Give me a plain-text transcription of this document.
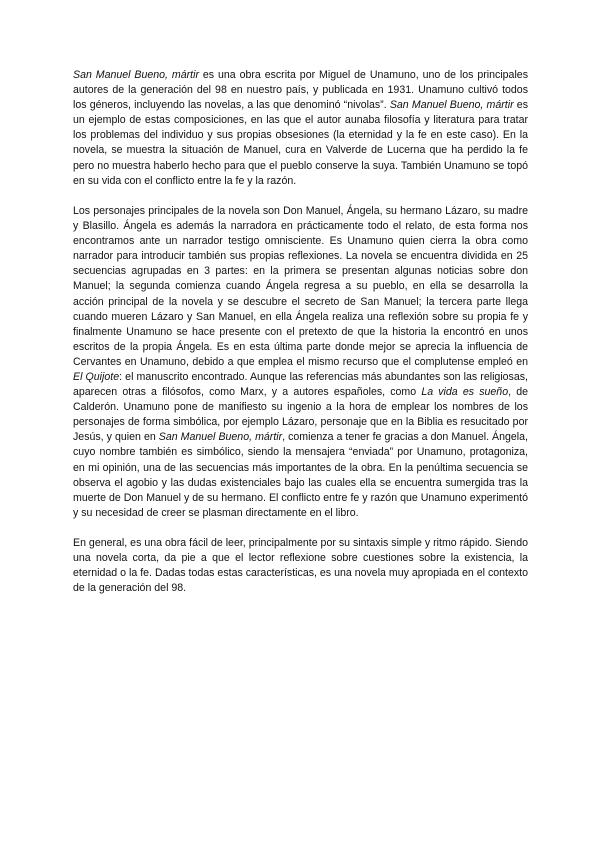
San Manuel Bueno, mártir es una obra escrita por Miguel de Unamuno, uno de los principales autores de la generación del 98 en nuestro país, y publicada en 1931. Unamuno cultivó todos los géneros, incluyendo las novelas, a las que denominó “nivolas”. San Manuel Bueno, mártir es un ejemplo de estas composiciones, en las que el autor aunaba filosofía y literatura para tratar los problemas del individuo y sus propias obsesiones (la eternidad y la fe en este caso). En la novela, se muestra la situación de Manuel, cura en Valverde de Lucerna que ha perdido la fe pero no muestra haberlo hecho para que el pueblo conserve la suya. También Unamuno se topó en su vida con el conflicto entre la fe y la razón.

Los personajes principales de la novela son Don Manuel, Ángela, su hermano Lázaro, su madre y Blasillo. Ángela es además la narradora en prácticamente todo el relato, de esta forma nos encontramos ante un narrador testigo omnisciente. Es Unamuno quien cierra la obra como narrador para introducir también sus propias reflexiones. La novela se encuentra dividida en 25 secuencias agrupadas en 3 partes: en la primera se presentan algunas noticias sobre don Manuel; la segunda comienza cuando Ángela regresa a su pueblo, en ella se desarrolla la acción principal de la novela y se descubre el secreto de San Manuel; la tercera parte llega cuando mueren Lázaro y San Manuel, en ella Ángela realiza una reflexión sobre su propia fe y finalmente Unamuno se hace presente con el pretexto de que la historia la encontró en unos escritos de la propia Ángela. Es en esta última parte donde mejor se aprecia la influencia de Cervantes en Unamuno, debido a que emplea el mismo recurso que el complutense empleó en El Quijote: el manuscrito encontrado. Aunque las referencias más abundantes son las religiosas, aparecen otras a filósofos, como Marx, y a autores españoles, como La vida es sueño, de Calderón. Unamuno pone de manifiesto su ingenio a la hora de emplear los nombres de los personajes de forma simbólica, por ejemplo Lázaro, personaje que en la Biblia es resucitado por Jesús, y quien en San Manuel Bueno, mártir, comienza a tener fe gracias a don Manuel. Ángela, cuyo nombre también es simbólico, siendo la mensajera “enviada” por Unamuno, protagoniza, en mi opinión, una de las secuencias más importantes de la obra. En la penúltima secuencia se observa el agobio y las dudas existenciales bajo las cuales ella se encuentra sumergida tras la muerte de Don Manuel y de su hermano. El conflicto entre fe y razón que Unamuno experimentó y su necesidad de creer se plasman directamente en el libro.

En general, es una obra fácil de leer, principalmente por su sintaxis simple y ritmo rápido. Siendo una novela corta, da pie a que el lector reflexione sobre cuestiones sobre la existencia, la eternidad o la fe. Dadas todas estas características, es una novela muy apropiada en el contexto de la generación del 98.
